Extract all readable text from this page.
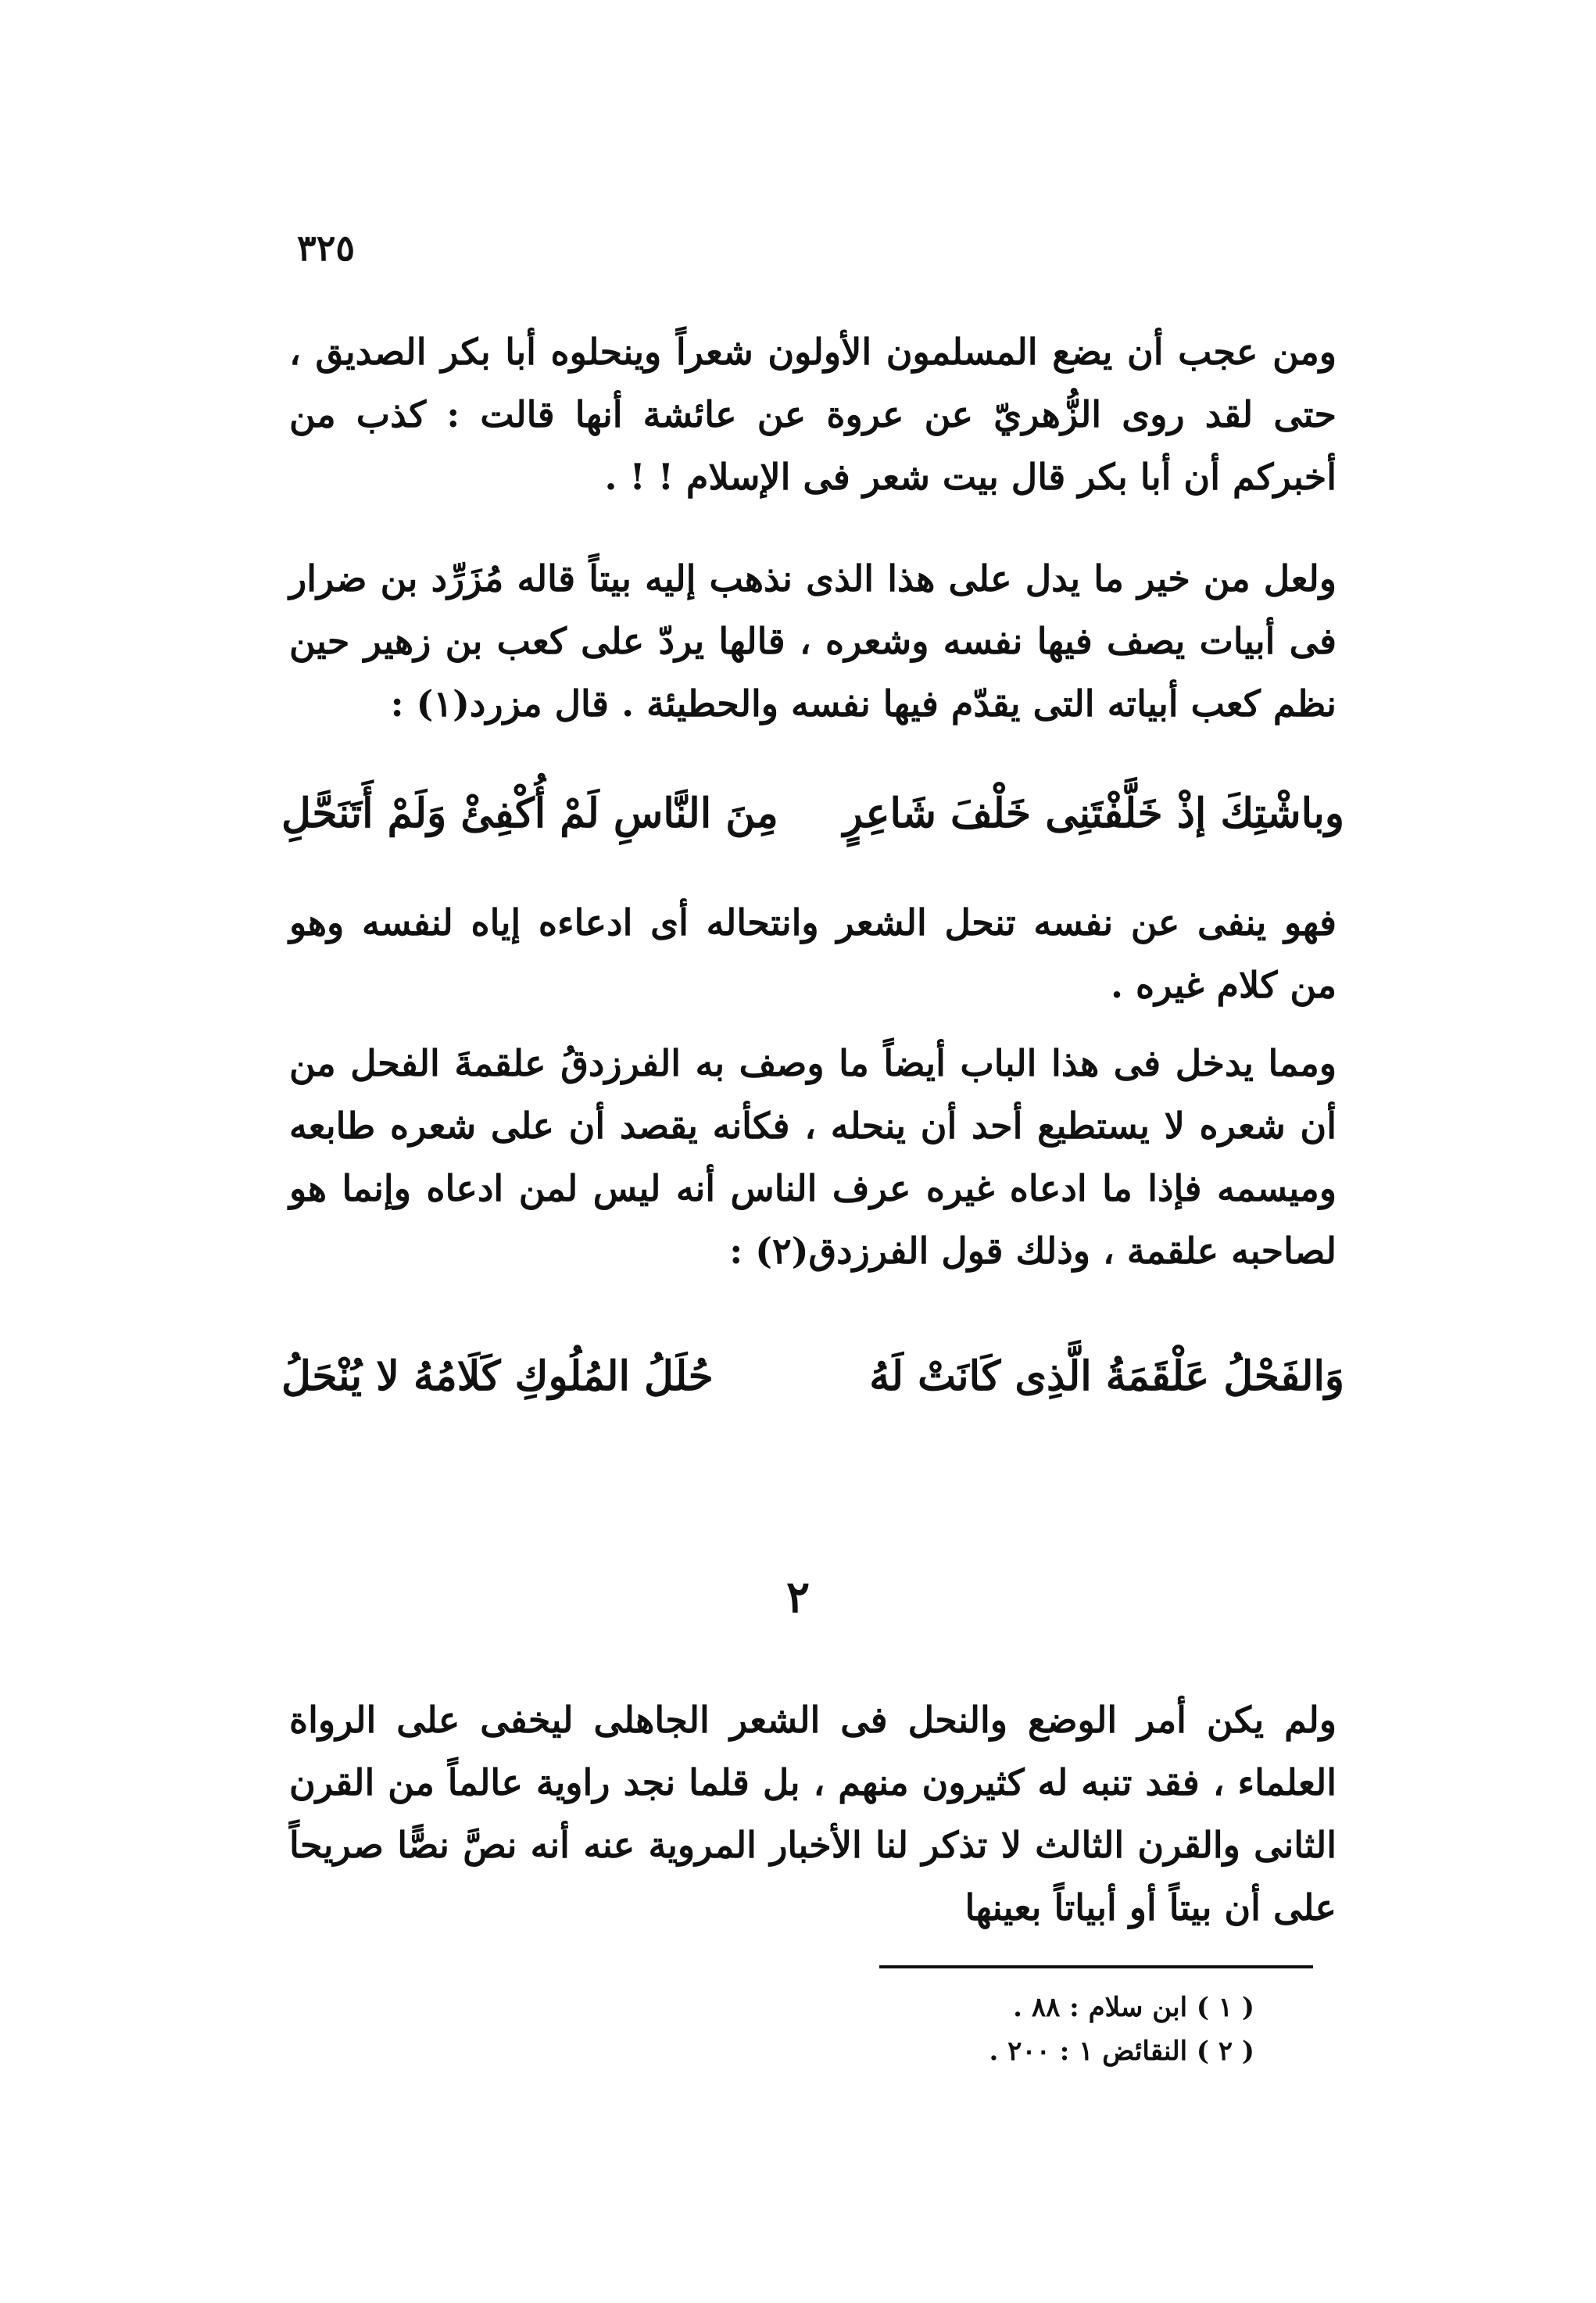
٣٢٥

ومن عجب أن يضع المسلمون الأولون شعراً وينحلوه أبا بكر الصديق ، حتى لقد روى الزُّهريّ عن عروة عن عائشة أنها قالت : كذب من أخبركم أن أبا بكر قال بيت شعر فى الإسلام ! ! .

ولعل من خير ما يدل على هذا الذى نذهب إليه بيتاً قاله مُزَرِّد بن ضرار فى أبيات يصف فيها نفسه وشعره ، قالها يردّ على كعب بن زهير حين نظم كعب أبياته التى يقدّم فيها نفسه والحطيئة . قال مزرد(١) :

وباشْتِكَ إذْ خَلَّفْتَنِى خَلْفَ شَاعِرٍ
مِنَ النَّاسِ لَمْ أُكْفِئْ وَلَمْ أَتَنَحَّلِ

فهو ينفى عن نفسه تنحل الشعر وانتحاله أى ادعاءه إياه لنفسه وهو من كلام غيره .

ومما يدخل فى هذا الباب أيضاً ما وصف به الفرزدقُ علقمةَ الفحل من أن شعره لا يستطيع أحد أن ينحله ، فكأنه يقصد أن على شعره طابعه وميسمه فإذا ما ادعاه غيره عرف الناس أنه ليس لمن ادعاه وإنما هو لصاحبه علقمة ، وذلك قول الفرزدق(٢) :

وَالفَحْلُ عَلْقَمَةُ الَّذِى كَانَتْ لَهُ
حُلَلُ المُلُوكِ كَلَامُهُ لا يُنْحَلُ
٢

ولم يكن أمر الوضع والنحل فى الشعر الجاهلى ليخفى على الرواة العلماء ، فقد تنبه له كثيرون منهم ، بل قلما نجد راوية عالماً من القرن الثانى والقرن الثالث لا تذكر لنا الأخبار المروية عنه أنه نصَّ نصًّا صريحاً على أن بيتاً أو أبياتاً بعينها

( ١ ) ابن سلام : ٨٨ .
( ٢ ) النقائض ١ : ٢٠٠ .
